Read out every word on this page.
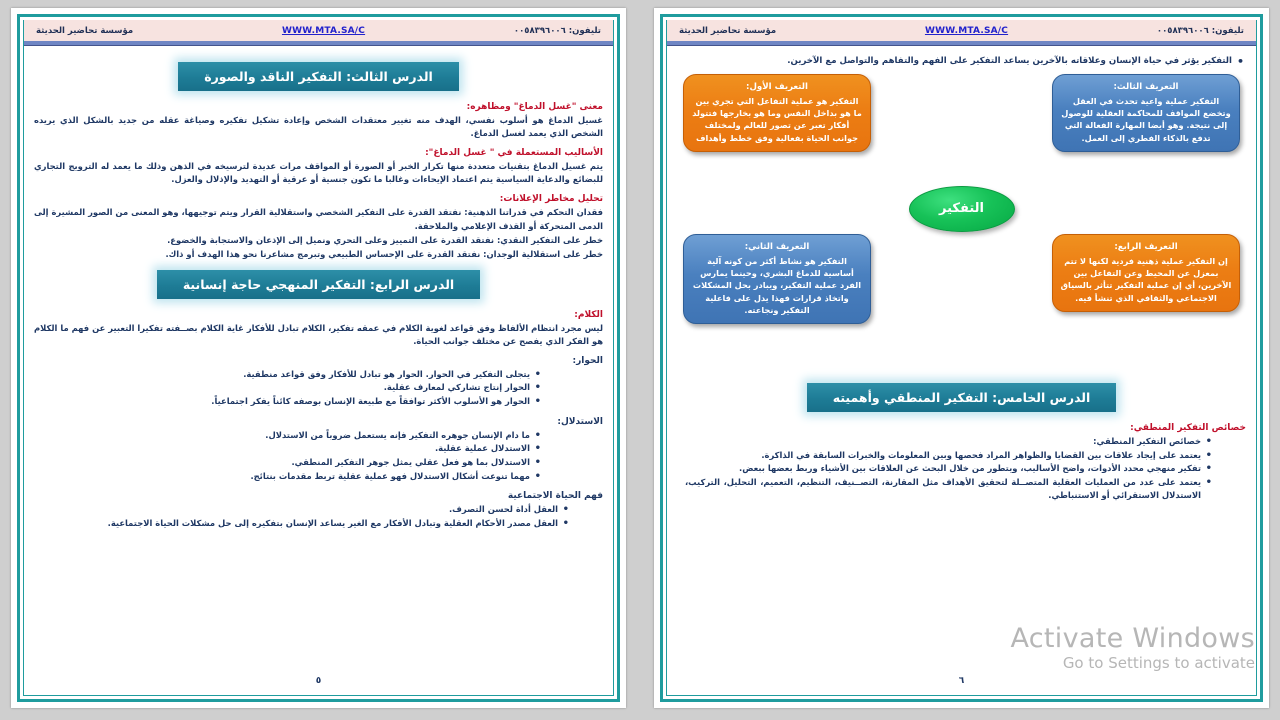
تليفون: ٠٠٥٨٣٩٦٠٠٦
WWW.MTA.SA/C
مؤسسة تحاضير الحديثة
•
التفكير يؤثر في حياة الإنسان وعلاقاته بالآخرين يساعد التفكير على الفهم والتفاهم والتواصل مع الآخرين.
التعريف الأول:
التفكير هو عملية التفاعل التي تجري بين ما هو بداخل النفس وما هو بخارجها فتتولد أفكار تعبر عن تصور للعالم ولمختلف جوانب الحياة بفعالية وفق خطط وأهداف
التعريف الثالث:
التفكير عملية واعية تحدث في العقل وتخضع المواقف للمحاكمة العقلية للوصول إلى نتيجة. وهو أيضا المهارة الفعالة التي تدفع بالذكاء الفطري إلى العمل.
التفكير
التعريف الثاني:
التفكير هو نشاط أكثر من كونه آلية أساسية للدماغ البشري، وحينما يمارس الفرد عملية التفكير، ويبادر بحل المشكلات واتخاذ قرارات فهذا يدل على فاعلية التفكير ونجاعته.
التعريف الرابع:
إن التفكير عملية ذهنية فردية لكنها لا تتم بمعزل عن المحيط وعن التفاعل بين الآخرين، أي إن عملية التفكير تتأثر بالسياق الاجتماعي والثقافي الذي تنشأ فيه.
الدرس الخامس: التفكير المنطقي وأهميته
خصائص التفكير المنطقي:
• خصائص التفكير المنطقي:
• يعتمد على إيجاد علاقات بين القضايا والظواهر المراد فحصها وبين المعلومات والخبرات السابقة في الذاكرة.
• تفكير منهجي محدد الأدوات، واضح الأساليب، ويتطور من خلال البحث عن العلاقات بين الأشياء وربط بعضها ببعض.
• يعتمد على عدد من العمليات العقلية المتصــلة لتحقيق الأهداف مثل المقارنة، التصــنيف، التنظيم، التعميم، التحليل، التركيب، الاستدلال الاستقرائي أو الاستنباطي.
٦
Activate Windows
Go to Settings to activate
تليفون: ٠٠٥٨٣٩٦٠٠٦
WWW.MTA.SA/C
مؤسسة تحاضير الحديثة
الدرس الثالث: التفكير الناقد والصورة
معنى "غسل الدماغ" ومظاهره:

غسيل الدماغ هو أسلوب نفسي، الهدف منه تغيير معتقدات الشخص وإعادة تشكيل تفكيره وصياغة عقله من جديد بالشكل الذي يريده الشخص الذي يعمد لغسل الدماغ.

الأساليب المستعملة في " غسل الدماغ":

يتم غسيل الدماغ بتقنيات متعددة منها تكرار الخبر أو الصورة أو المواقف مرات عديدة لترسيخه في الذهن وذلك ما يعمد له الترويج التجاري للبضائع والدعاية السياسية يتم اعتماد الإيحاءات وغالبا ما تكون جنسية أو عرقية أو التهديد والإذلال والعزل.

تحليل مخاطر الإعلانات:

فقدان التحكم في قدراتنا الذهنية: نفتقد القدرة على التفكير الشخصي واستقلالية القرار ويتم توجيهها، وهو المعنى من الصور المشيرة إلى الدمى المتحركة أو القذف الإعلامي والملاحقة.

خطر على التفكير النقدي: نفتقد القدرة على التمييز وعلى التحري ونميل إلى الإذعان والاستجابة والخضوع.

خطر على استقلالية الوجدان: نفتقد القدرة على الإحساس الطبيعي وتبرمج مشاعرنا نحو هذا الهدف أو ذاك.

الدرس الرابع: التفكير المنهجي حاجة إنسانية
الكلام:

ليس مجرد انتظام الألفاظ وفق قواعد لغوية الكلام في عمقه تفكير، الكلام تبادل للأفكار غاية الكلام بصــفته تفكيرا التعبير عن فهم ما الكلام هو الفكر الذي يفصح عن مختلف جوانب الحياة.

الحوار:
• يتجلى التفكير في الحوار. الحوار هو تبادل للأفكار وفق قواعد منطقية.
• الحوار إنتاج تشاركي لمعارف عقلية.
• الحوار هو الأسلوب الأكثر توافقاً مع طبيعة الإنسان بوصفه كائناً يفكر اجتماعياً.
الاستدلال:
• ما دام الإنسان جوهره التفكير فإنه يستعمل ضروباً من الاستدلال.
• الاستدلال عملية عقلية.
• الاستدلال بما هو فعل عقلي يمثل جوهر التفكير المنطقي.
• مهما تنوعت أشكال الاستدلال فهو عملية عقلية تربط مقدمات بنتائج.
فهم الحياة الاجتماعية
• العقل أداة لحسن التصرف.
• العقل مصدر الأحكام العقلية وتبادل الأفكار مع الغير يساعد الإنسان بتفكيره إلى حل مشكلات الحياة الاجتماعية.
٥
